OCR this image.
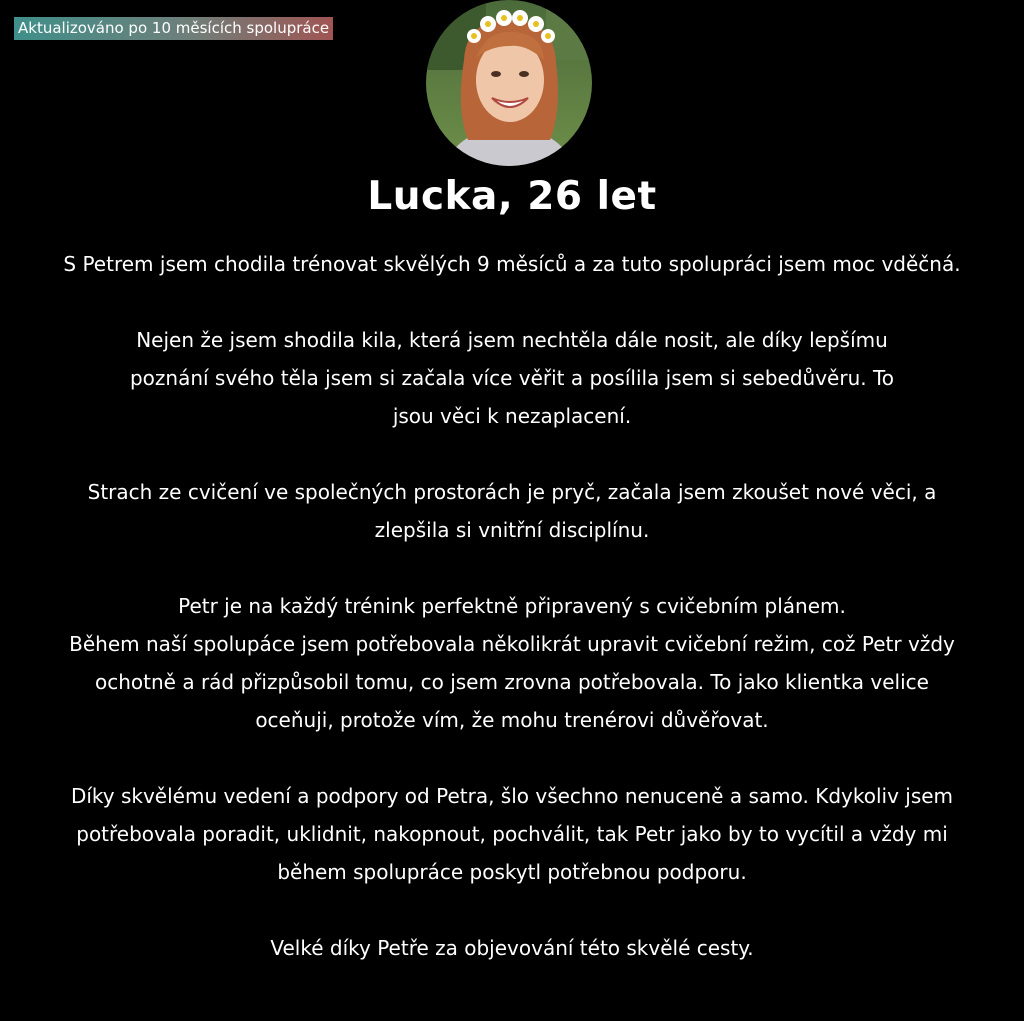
Aktualizováno po 10 měsících spolupráce
Lucka, 26 let
S Petrem jsem chodila trénovat skvělých 9 měsíců a za tuto spolupráci jsem moc vděčná.
Nejen že jsem shodila kila, která jsem nechtěla dále nosit, ale díky lepšímu
poznání svého těla jsem si začala více věřit a posílila jsem si sebedůvěru. To
jsou věci k nezaplacení.
Strach ze cvičení ve společných prostorách je pryč, začala jsem zkoušet nové věci, a
zlepšila si vnitřní disciplínu.
Petr je na každý trénink perfektně připravený s cvičebním plánem.
Během naší spolupáce jsem potřebovala několikrát upravit cvičební režim, což Petr vždy
ochotně a rád přizpůsobil tomu, co jsem zrovna potřebovala. To jako klientka velice
oceňuji, protože vím, že mohu trenérovi důvěřovat.
Díky skvělému vedení a podpory od Petra, šlo všechno nenuceně a samo. Kdykoliv jsem
potřebovala poradit, uklidnit, nakopnout, pochválit, tak Petr jako by to vycítil a vždy mi
během spolupráce poskytl potřebnou podporu.
Velké díky Petře za objevování této skvělé cesty.
